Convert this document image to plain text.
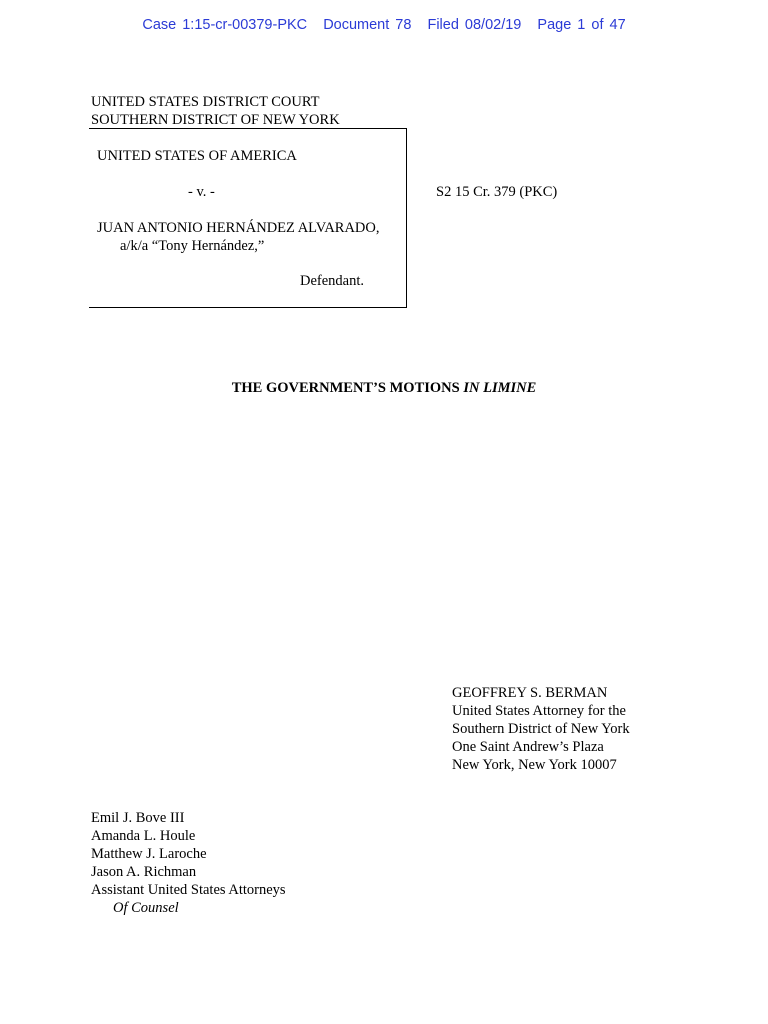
Case 1:15-cr-00379-PKC Document 78 Filed 08/02/19 Page 1 of 47
UNITED STATES DISTRICT COURT
SOUTHERN DISTRICT OF NEW YORK
UNITED STATES OF AMERICA
- v. -
JUAN ANTONIO HERNÁNDEZ ALVARADO,
a/k/a “Tony Hernández,”
Defendant.
S2 15 Cr. 379 (PKC)
THE GOVERNMENT’S MOTIONS IN LIMINE
GEOFFREY S. BERMAN
United States Attorney for the
Southern District of New York
One Saint Andrew’s Plaza
New York, New York 10007
Emil J. Bove III
Amanda L. Houle
Matthew J. Laroche
Jason A. Richman
Assistant United States Attorneys
Of Counsel
